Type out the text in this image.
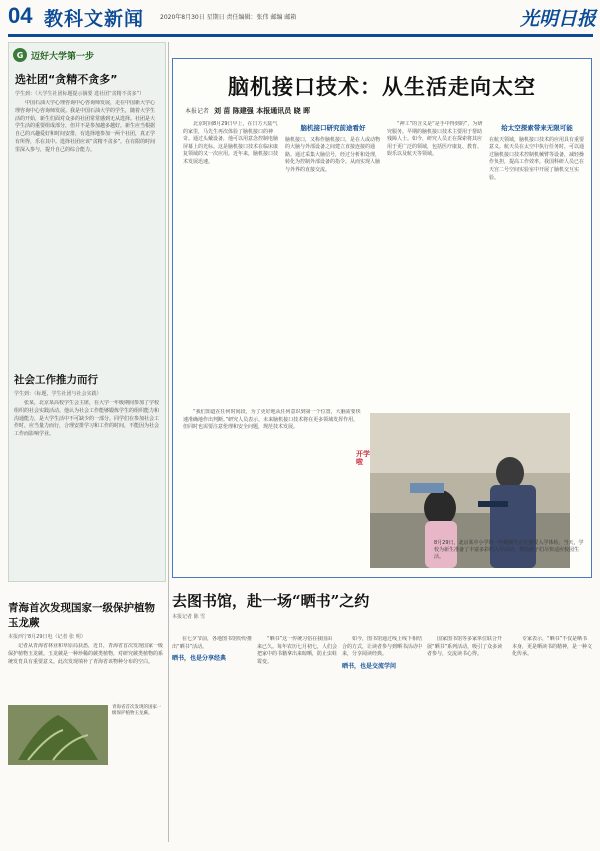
04 教科文新闻	2020年8月30日 星期日 责任编辑：张伟 邮编 邮箱	光明日报
G 迈好大学第一步
选社团“贪精不贪多”
学生到：（大学生社团标题提示摘要 选社团“贪精不贪多”）
中国石油大学心理咨询中心咨询师发展，走在中国新大学心理咨询中心咨询师发展。我是中国石油大学的学生，随着大学生活的开始，新生们面对众多的社团常常感到无从选择。社团是大学生活的重要组成部分，但并不是参加越多越好。新生应当根据自己的兴趣爱好和时间安排，有选择地参加一两个社团，真正学有所得，乐在其中。选择社团应该“贪精不贪多”，在有限的时间里深入参与，提升自己的综合能力。
社会工作推力而行
学生到：（标题，学生社团与社会实践）
张某，北京某高校学生会主席，在大学一年级期间参加了学校组织的社会实践活动。他认为社会工作能够锻炼学生的组织能力和沟通能力，是大学生活中不可缺少的一部分。同学们在参加社会工作时，应当量力而行，合理安排学习和工作的时间，不能因为社会工作而影响学业。
脑机接口技术：从生活走向太空
本报记者 刘 苗 陈建强 本报通讯员 晓 晖
北京时间8月29日早上，在日方大陆气的家里，马先生再次体验了脑机接口的神奇。通过头戴设备，他可以用意念控制电脑屏幕上的光标。这是脑机接口技术在临床康复领域的又一次应用。近年来，脑机接口技术发展迅速。
脑机接口研究前途看好
脑机接口，又称作脑机接口，是在人或动物的大脑与外部设备之间建立直接连接的通路。通过采集大脑信号，经过分析和处理，转化为控制外部设备的指令。从而实现人脑与外界的直接交流。
“神工”的含义是“是手中得到的”，为研究服务。早期的脑机接口技术主要用于帮助残障人士。如今，研究人员正在探索将其应用于更广泛的领域，包括医疗康复、教育、娱乐以及航天等领域。
给太空探索带来无限可能
在航天领域，脑机接口技术的应用具有重要意义。航天员在太空中执行任务时，可以通过脑机接口技术控制机械臂等设备，减轻操作负担，提高工作效率。我国科研人员已在天宫二号空间实验室中开展了脑机交互实验。
“我们知道在任何时间段，为了更好地从任何意识到第一个位置，大脑需要快速准确地作出判断。”研究人员表示，未来脑机接口技术将在更多领域发挥作用，但同时也需要注意伦理和安全问题，规范技术发展。
开学啦
8月29日，北京某中小学的一年级新生正在接受入学体检。当天，学校为新生准备了丰富多彩的入学活动，帮助孩子们尽快适应校园生活。
青海首次发现国家一级保护植物玉龙蕨
本报西宁8月29日电（记者 张 明）
记者从青海省林业和草原局获悉，近日，青海省首次发现国家一级保护植物玉龙蕨。玉龙蕨是一种珍稀的蕨类植物，对研究蕨类植物的系统发育具有重要意义。此次发现填补了青海省该物种分布的空白。
青海省首次发现的国家一级保护植物玉龙蕨。
去图书馆，赴一场“晒书”之约
本报记者 陈 雪
在七夕节前，各地图书馆纷纷推出“晒书”活动。
晒书，也是分享经典
“晒书”这一传统习俗在我国由来已久。每年农历七月初七，人们会把家中的书籍拿出来晾晒，防止虫蛀霉变。
如今，图书馆通过线上线下相结合的方式，让读者参与到晒书活动中来，分享阅读经典。
晒书，也是交流学问
国家图书馆等多家单位联合开展“晒书”系列活动，吸引了众多读者参与，交流读书心得。
专家表示，“晒书”不仅是晒书本身，更是晒读书的精神，是一种文化传承。
